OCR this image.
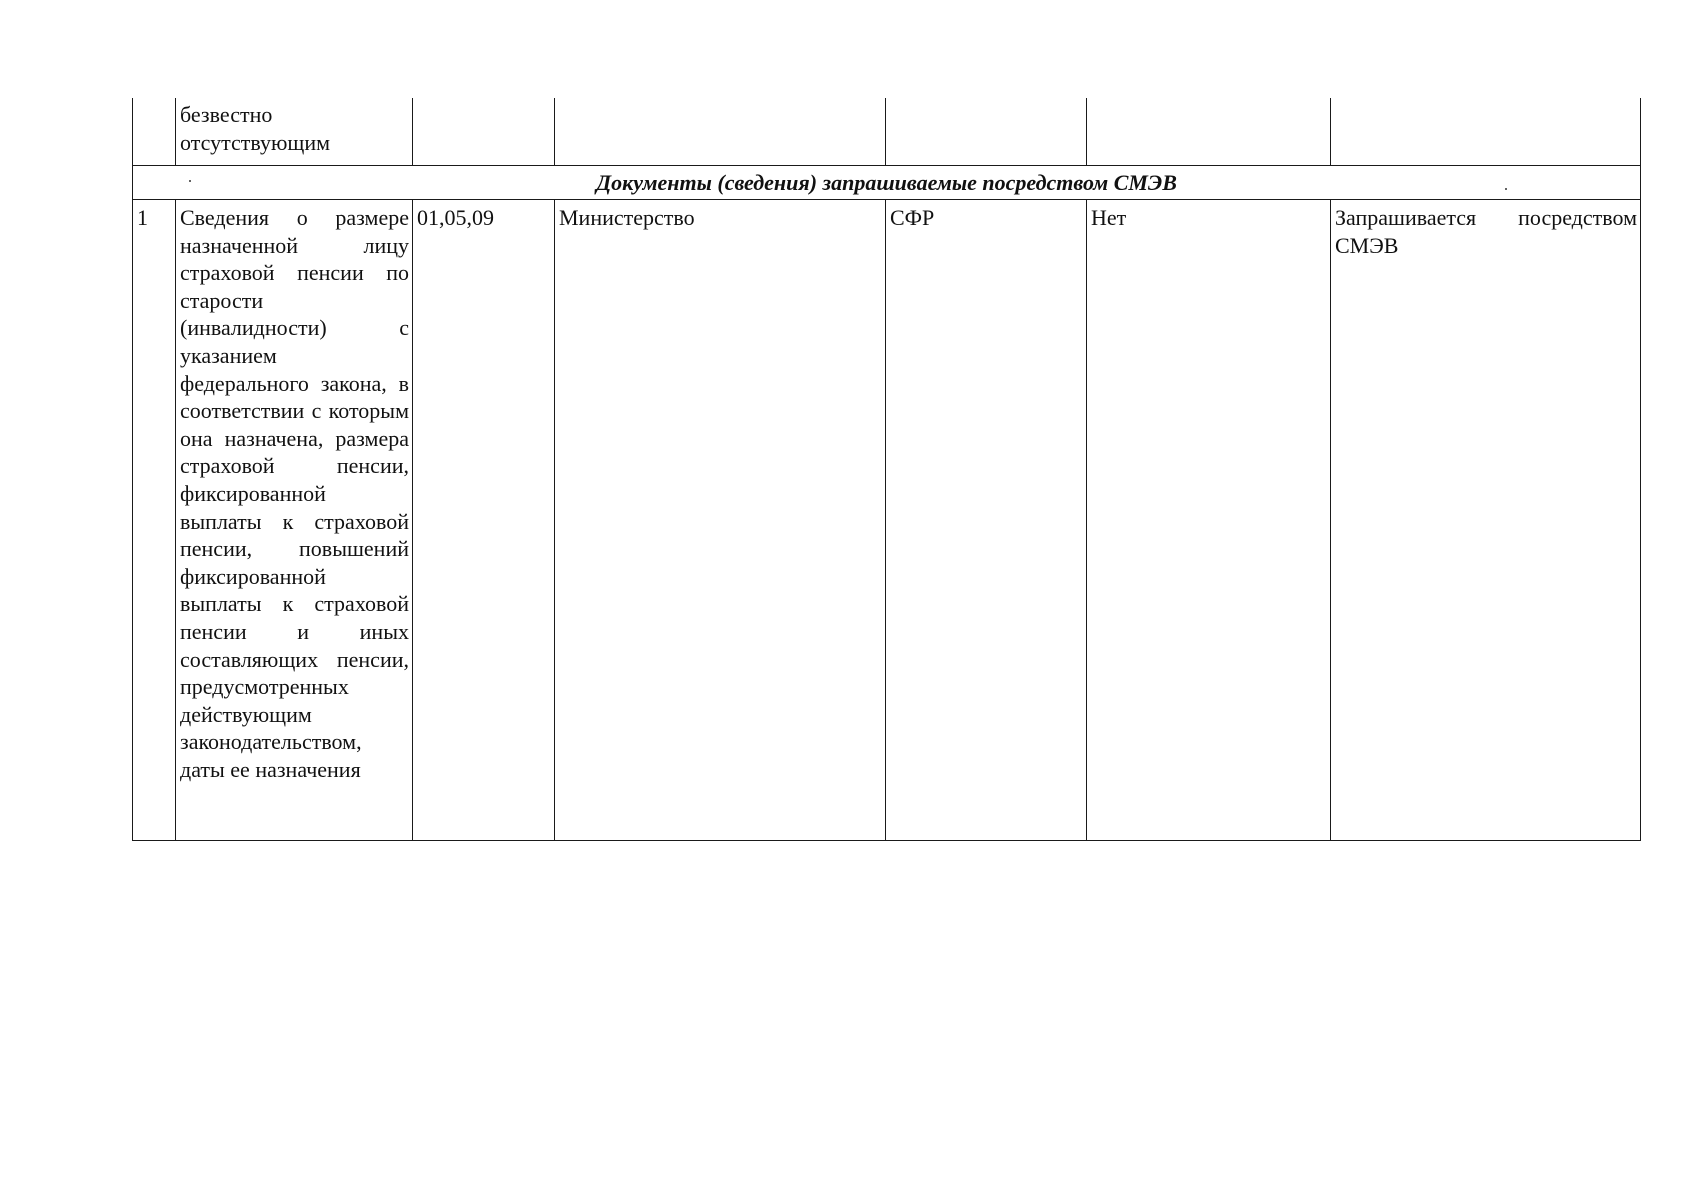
	безвестно отсутствующим					
Документы (сведения) запрашиваемые посредством СМЭВ						
1	Сведения о размере назначенной лицу страховой пенсии по старости (инвалидности) с указанием федерального закона, в соответствии с которым она назначена, размера страховой пенсии, фиксированной выплаты к страховой пенсии, повышений фиксированной выплаты к страховой пенсии и иных составляющих пенсии, предусмотренных действующим законодательством, даты ее назначения	01,05,09	Министерство	СФР	Нет	Запрашивается посредством СМЭВ
